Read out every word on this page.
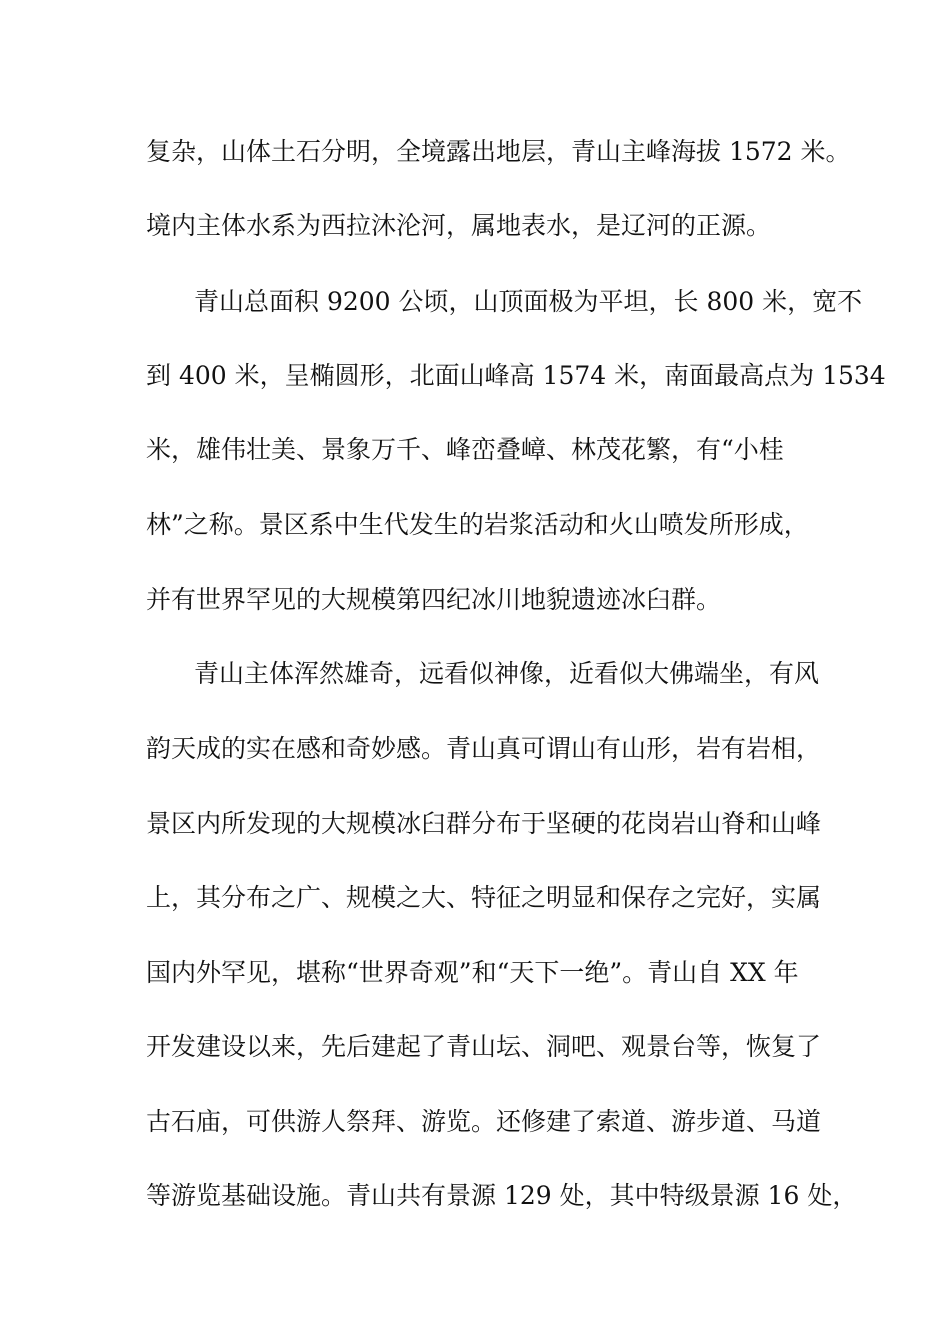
复杂，山体土石分明，全境露出地层，青山主峰海拔 1572 米。
境内主体水系为西拉沐沦河，属地表水，是辽河的正源。
青山总面积 9200 公顷，山顶面极为平坦，长 800 米，宽不
到 400 米，呈椭圆形，北面山峰高 1574 米，南面最高点为 1534
米，雄伟壮美、景象万千、峰峦叠嶂、林茂花繁，有“小桂
林”之称。景区系中生代发生的岩浆活动和火山喷发所形成，
并有世界罕见的大规模第四纪冰川地貌遗迹冰臼群。
青山主体浑然雄奇，远看似神像，近看似大佛端坐，有风
韵天成的实在感和奇妙感。青山真可谓山有山形，岩有岩相，
景区内所发现的大规模冰臼群分布于坚硬的花岗岩山脊和山峰
上，其分布之广、规模之大、特征之明显和保存之完好，实属
国内外罕见，堪称“世界奇观”和“天下一绝”。青山自 XX 年
开发建设以来，先后建起了青山坛、洞吧、观景台等，恢复了
古石庙，可供游人祭拜、游览。还修建了索道、游步道、马道
等游览基础设施。青山共有景源 129 处，其中特级景源 16 处，
